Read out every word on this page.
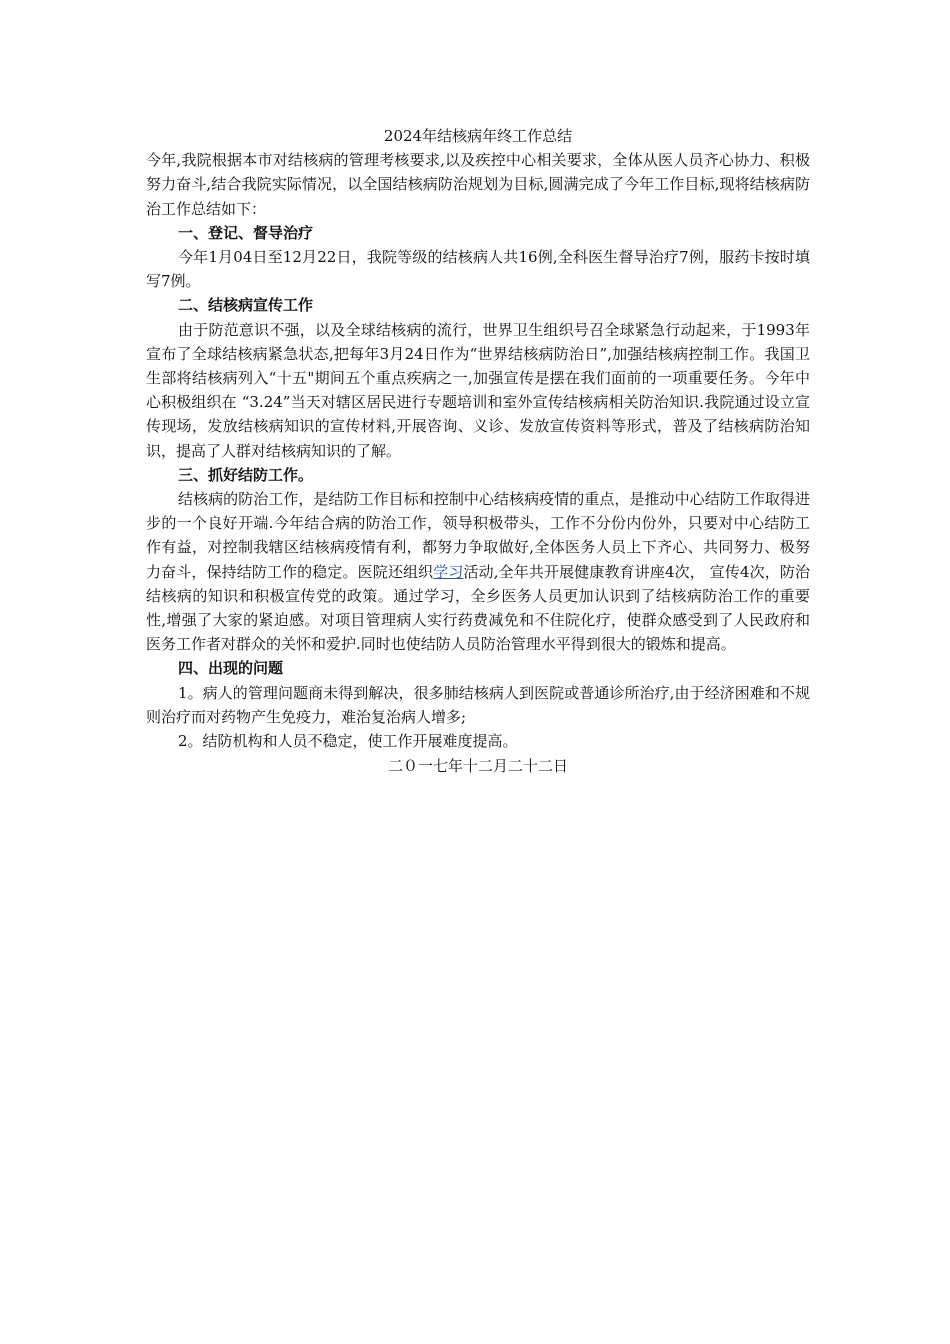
2024年结核病年终工作总结

今年,我院根据本市对结核病的管理考核要求,以及疾控中心相关要求，全体从医人员齐心协力、积极努力奋斗,结合我院实际情况，以全国结核病防治规划为目标,圆满完成了今年工作目标,现将结核病防治工作总结如下：

一、登记、督导治疗

今年1月04日至12月22日，我院等级的结核病人共16例,全科医生督导治疗7例，服药卡按时填写7例。

二、结核病宣传工作

由于防范意识不强，以及全球结核病的流行，世界卫生组织号召全球紧急行动起来，于1993年宣布了全球结核病紧急状态,把每年3月24日作为“世界结核病防治日”,加强结核病控制工作。我国卫生部将结核病列入“十五"期间五个重点疾病之一,加强宣传是摆在我们面前的一项重要任务。今年中心积极组织在 “3.24”当天对辖区居民进行专题培训和室外宣传结核病相关防治知识.我院通过设立宣传现场，发放结核病知识的宣传材料,开展咨询、义诊、发放宣传资料等形式，普及了结核病防治知识，提高了人群对结核病知识的了解。

三、抓好结防工作。

结核病的防治工作，是结防工作目标和控制中心结核病疫情的重点，是推动中心结防工作取得进步的一个良好开端.今年结合病的防治工作，领导积极带头，工作不分份内份外，只要对中心结防工作有益，对控制我辖区结核病疫情有利，都努力争取做好,全体医务人员上下齐心、共同努力、极努力奋斗，保持结防工作的稳定。医院还组织学习活动,全年共开展健康教育讲座4次， 宣传4次，防治结核病的知识和积极宣传党的政策。通过学习，全乡医务人员更加认识到了结核病防治工作的重要性,增强了大家的紧迫感。对项目管理病人实行药费减免和不住院化疗，使群众感受到了人民政府和医务工作者对群众的关怀和爱护.同时也使结防人员防治管理水平得到很大的锻炼和提高。

四、出现的问题

1。病人的管理问题商未得到解决，很多肺结核病人到医院或普通诊所治疗,由于经济困难和不规则治疗而对药物产生免疫力，难治复治病人增多;

2。结防机构和人员不稳定，使工作开展难度提高。

二０一七年十二月二十二日
